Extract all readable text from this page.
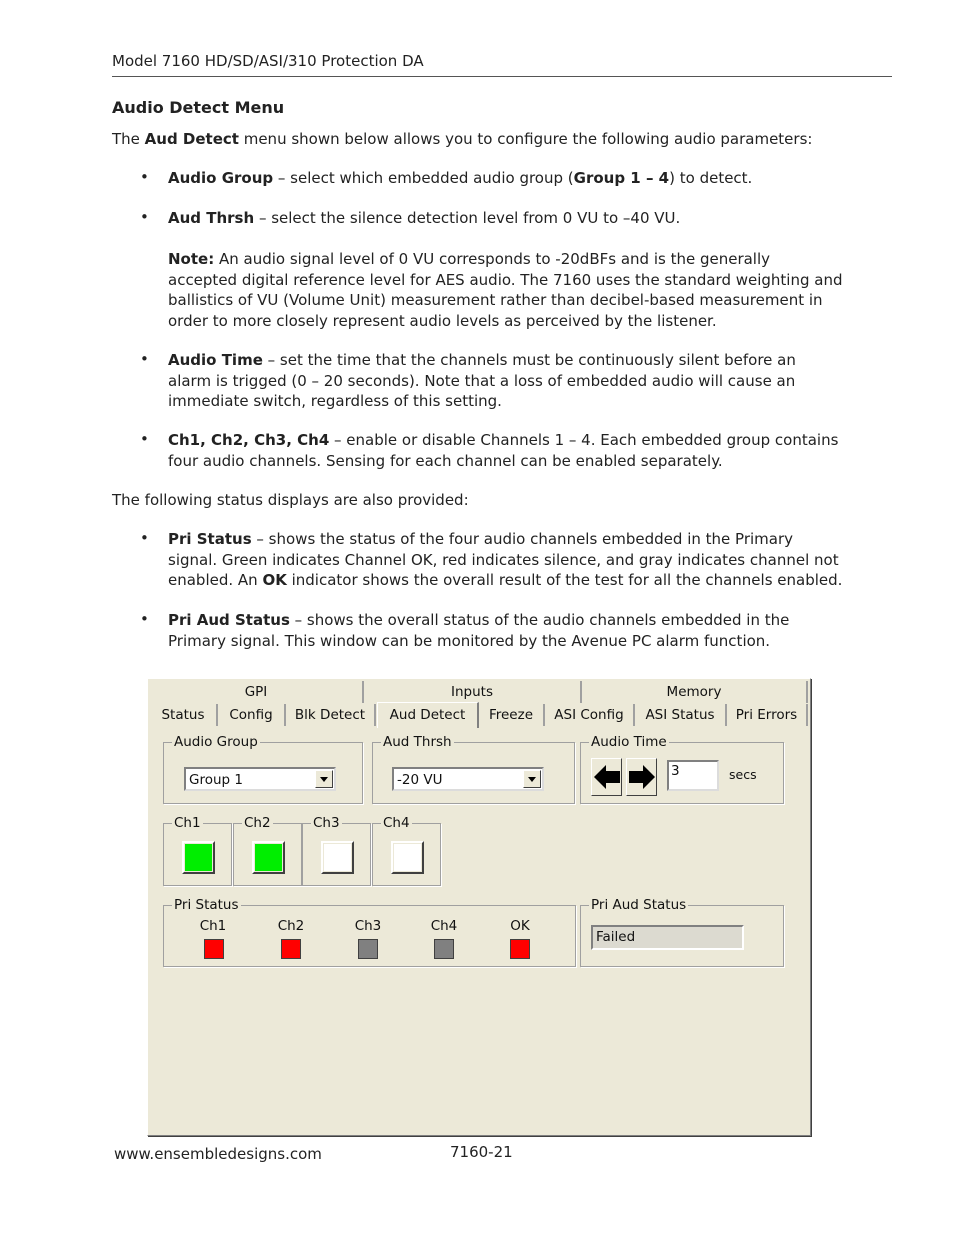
Model 7160 HD/SD/ASI/310 Protection DA
Audio Detect Menu
The Aud Detect menu shown below allows you to configure the following audio parameters:
• Audio Group – select which embedded audio group (Group 1 – 4) to detect.
• Aud Thrsh – select the silence detection level from 0 VU to –40 VU.
Note: An audio signal level of 0 VU corresponds to -20dBFs and is the generally accepted digital reference level for AES audio. The 7160 uses the standard weighting and ballistics of VU (Volume Unit) measurement rather than decibel-based measurement in order to more closely represent audio levels as perceived by the listener.
• Audio Time – set the time that the channels must be continuously silent before an alarm is trigged (0 – 20 seconds). Note that a loss of embedded audio will cause an immediate switch, regardless of this setting.
• Ch1, Ch2, Ch3, Ch4 – enable or disable Channels 1 – 4. Each embedded group contains four audio channels. Sensing for each channel can be enabled separately.
The following status displays are also provided:
• Pri Status – shows the status of the four audio channels embedded in the Primary signal. Green indicates Channel OK, red indicates silence, and gray indicates channel not enabled. An OK indicator shows the overall result of the test for all the channels enabled.
• Pri Aud Status – shows the overall status of the audio channels embedded in the Primary signal. This window can be monitored by the Avenue PC alarm function.
GPI	Inputs	Memory
Status	Config	Blk Detect	Aud Detect	Freeze	ASI Config	ASI Status	Pri Errors
Audio Group
Group 1
Aud Thrsh
-20 VU
Audio Time
3	secs
Ch1	Ch2	Ch3	Ch4
Pri Status
Ch1	Ch2	Ch3	Ch4	OK
Pri Aud Status
Failed
www.ensembledesigns.com	7160-21
